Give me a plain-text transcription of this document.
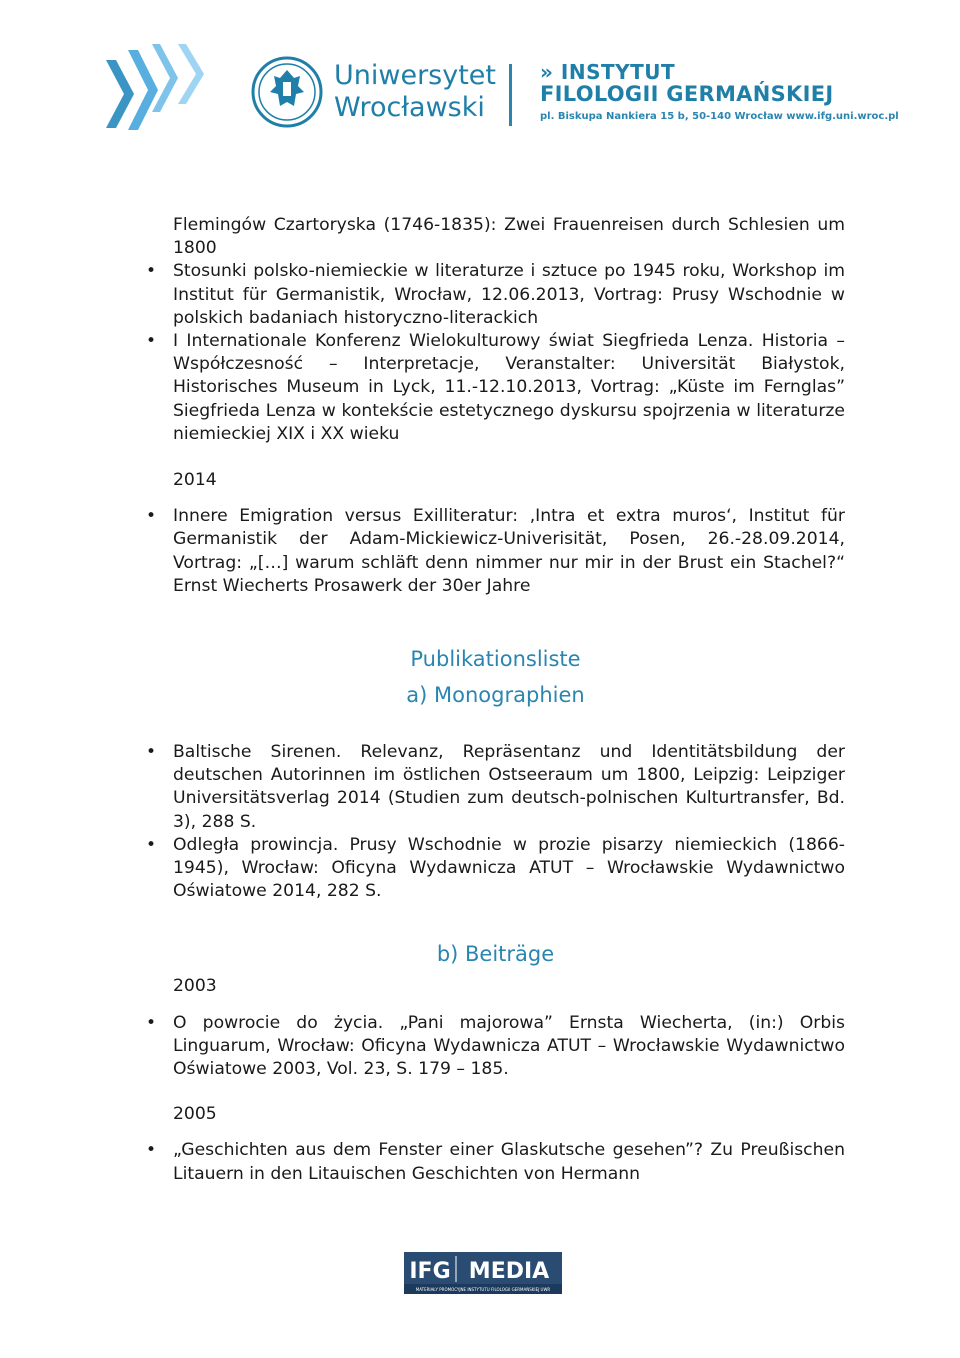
Uniwersytet
Wrocławski
» INSTYTUT
FILOLOGII GERMAŃSKIEJ
pl. Biskupa Nankiera 15 b, 50-140 Wrocław www.ifg.uni.wroc.pl
Flemingów Czartoryska (1746-1835): Zwei Frauenreisen durch Schlesien um 1800
• Stosunki polsko-niemieckie w literaturze i sztuce po 1945 roku, Workshop im Institut für Germanistik, Wrocław, 12.06.2013, Vortrag: Prusy Wschodnie w polskich badaniach historyczno-literackich
• I Internationale Konferenz Wielokulturowy świat Siegfrieda Lenza. Historia – Współczesność – Interpretacje, Veranstalter: Universität Białystok, Historisches Museum in Lyck, 11.-12.10.2013, Vortrag: „Küste im Fernglas” Siegfrieda Lenza w kontekście estetycznego dyskursu spojrzenia w literaturze niemieckiej XIX i XX wieku
2014
• Innere Emigration versus Exilliteratur: ‚Intra et extra muros‘, Institut für Germanistik der Adam-Mickiewicz-Univerisität, Posen, 26.-28.09.2014, Vortrag: „[…] warum schläft denn nimmer nur mir in der Brust ein Stachel?“ Ernst Wiecherts Prosawerk der 30er Jahre
Publikationsliste
a) Monographien
• Baltische Sirenen. Relevanz, Repräsentanz und Identitätsbildung der deutschen Autorinnen im östlichen Ostseeraum um 1800, Leipzig: Leipziger Universitätsverlag 2014 (Studien zum deutsch-polnischen Kulturtransfer, Bd. 3), 288 S.
• Odległa prowincja. Prusy Wschodnie w prozie pisarzy niemieckich (1866-1945), Wrocław: Oficyna Wydawnicza ATUT – Wrocławskie Wydawnictwo Oświatowe 2014, 282 S.
b) Beiträge
2003
• O powrocie do życia. „Pani majorowa” Ernsta Wiecherta, (in:) Orbis Linguarum, Wrocław: Oficyna Wydawnicza ATUT – Wrocławskie Wydawnictwo Oświatowe 2003, Vol. 23, S. 179 – 185.
2005
• „Geschichten aus dem Fenster einer Glaskutsche gesehen”? Zu Preußischen Litauern in den Litauischen Geschichten von Hermann
IFG MEDIA
MATERIAŁY PROMOCYJNE INSTYTUTU FILOLOGII GERMAŃSKIEJ UWR
